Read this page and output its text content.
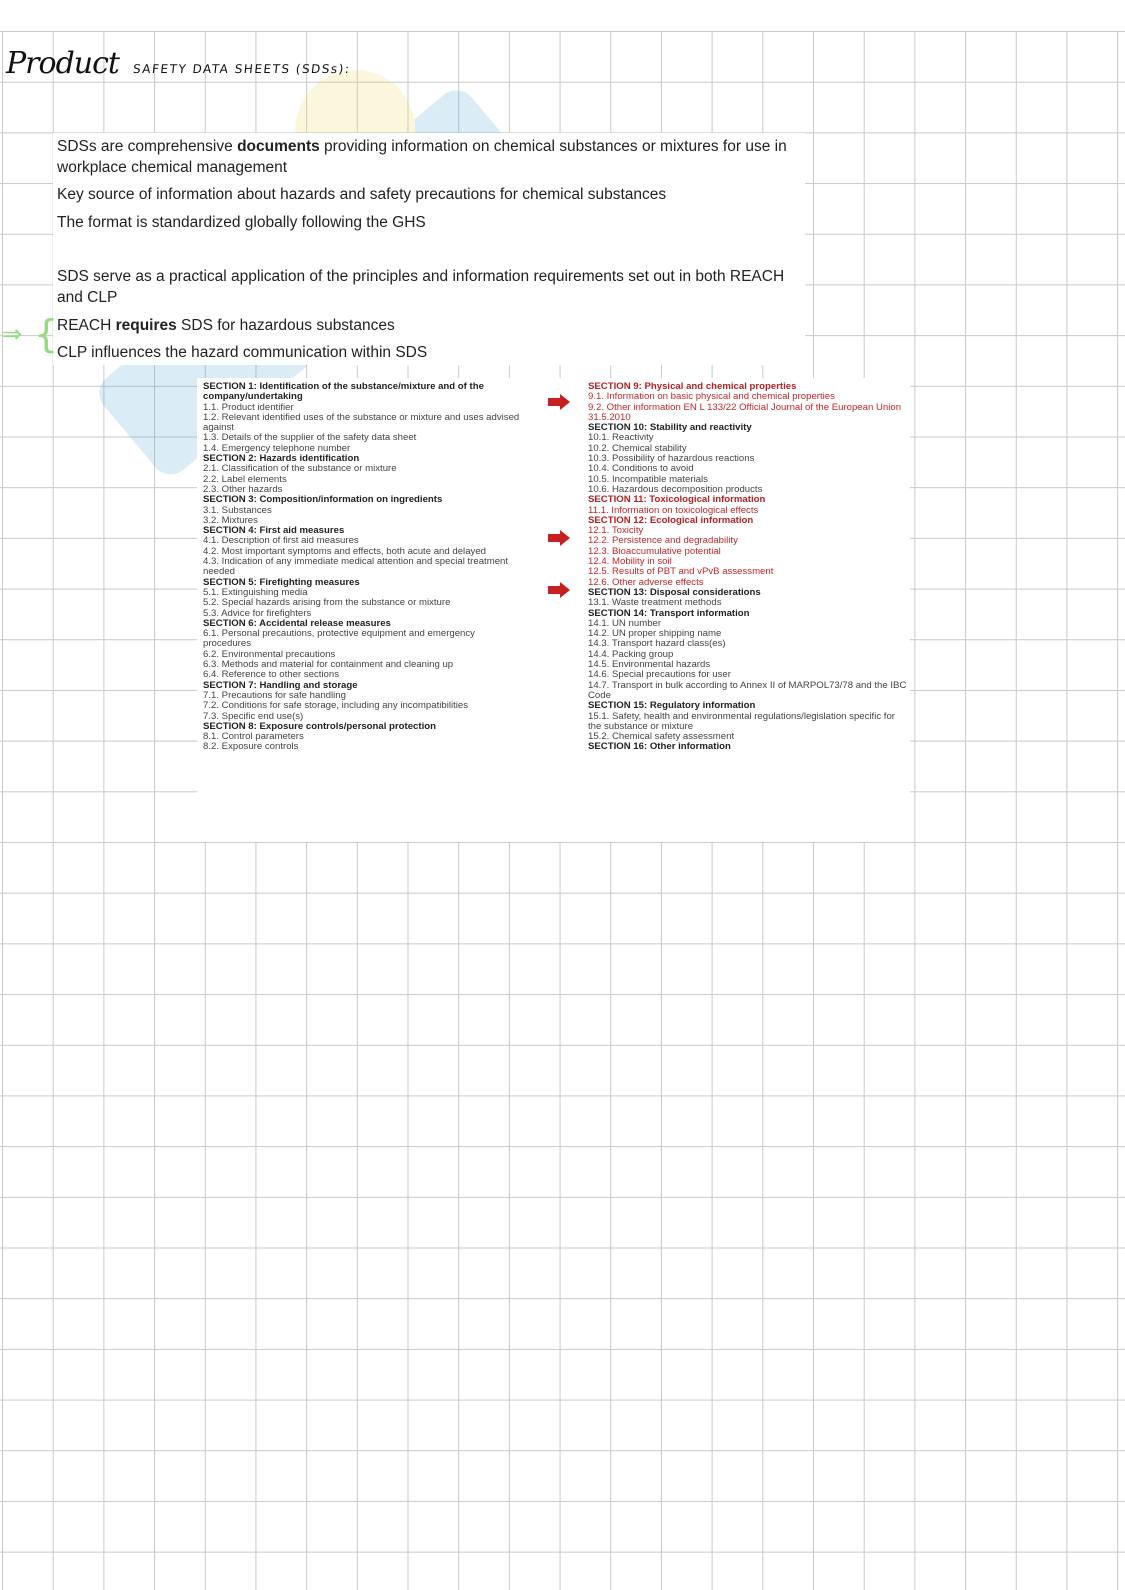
Product SAFETY DATA SHEETS (SDSs):

SDSs are comprehensive documents providing information on chemical substances or mixtures for use in workplace chemical management

Key source of information about hazards and safety precautions for chemical substances

The format is standardized globally following the GHS

SDS serve as a practical application of the principles and information requirements set out in both REACH and CLP

REACH requires SDS for hazardous substances

CLP influences the hazard communication within SDS

⇒ {
SECTION 1: Identification of the substance/mixture and of the company/undertaking
1.1. Product identifier
1.2. Relevant identified uses of the substance or mixture and uses advised against
1.3. Details of the supplier of the safety data sheet
1.4. Emergency telephone number
SECTION 2: Hazards identification
2.1. Classification of the substance or mixture
2.2. Label elements
2.3. Other hazards
SECTION 3: Composition/information on ingredients
3.1. Substances
3.2. Mixtures
SECTION 4: First aid measures
4.1. Description of first aid measures
4.2. Most important symptoms and effects, both acute and delayed
4.3. Indication of any immediate medical attention and special treatment needed
SECTION 5: Firefighting measures
5.1. Extinguishing media
5.2. Special hazards arising from the substance or mixture
5.3. Advice for firefighters
SECTION 6: Accidental release measures
6.1. Personal precautions, protective equipment and emergency procedures
6.2. Environmental precautions
6.3. Methods and material for containment and cleaning up
6.4. Reference to other sections
SECTION 7: Handling and storage
7.1. Precautions for safe handling
7.2. Conditions for safe storage, including any incompatibilities
7.3. Specific end use(s)
SECTION 8: Exposure controls/personal protection
8.1. Control parameters
8.2. Exposure controls
SECTION 9: Physical and chemical properties
9.1. Information on basic physical and chemical properties
9.2. Other information EN L 133/22 Official Journal of the European Union 31.5.2010
SECTION 10: Stability and reactivity
10.1. Reactivity
10.2. Chemical stability
10.3. Possibility of hazardous reactions
10.4. Conditions to avoid
10.5. Incompatible materials
10.6. Hazardous decomposition products
SECTION 11: Toxicological information
11.1. Information on toxicological effects
SECTION 12: Ecological information
12.1. Toxicity
12.2. Persistence and degradability
12.3. Bioaccumulative potential
12.4. Mobility in soil
12.5. Results of PBT and vPvB assessment
12.6. Other adverse effects
SECTION 13: Disposal considerations
13.1. Waste treatment methods
SECTION 14: Transport information
14.1. UN number
14.2. UN proper shipping name
14.3. Transport hazard class(es)
14.4. Packing group
14.5. Environmental hazards
14.6. Special precautions for user
14.7. Transport in bulk according to Annex II of MARPOL73/78 and the IBC Code
SECTION 15: Regulatory information
15.1. Safety, health and environmental regulations/legislation specific for the substance or mixture
15.2. Chemical safety assessment
SECTION 16: Other information
